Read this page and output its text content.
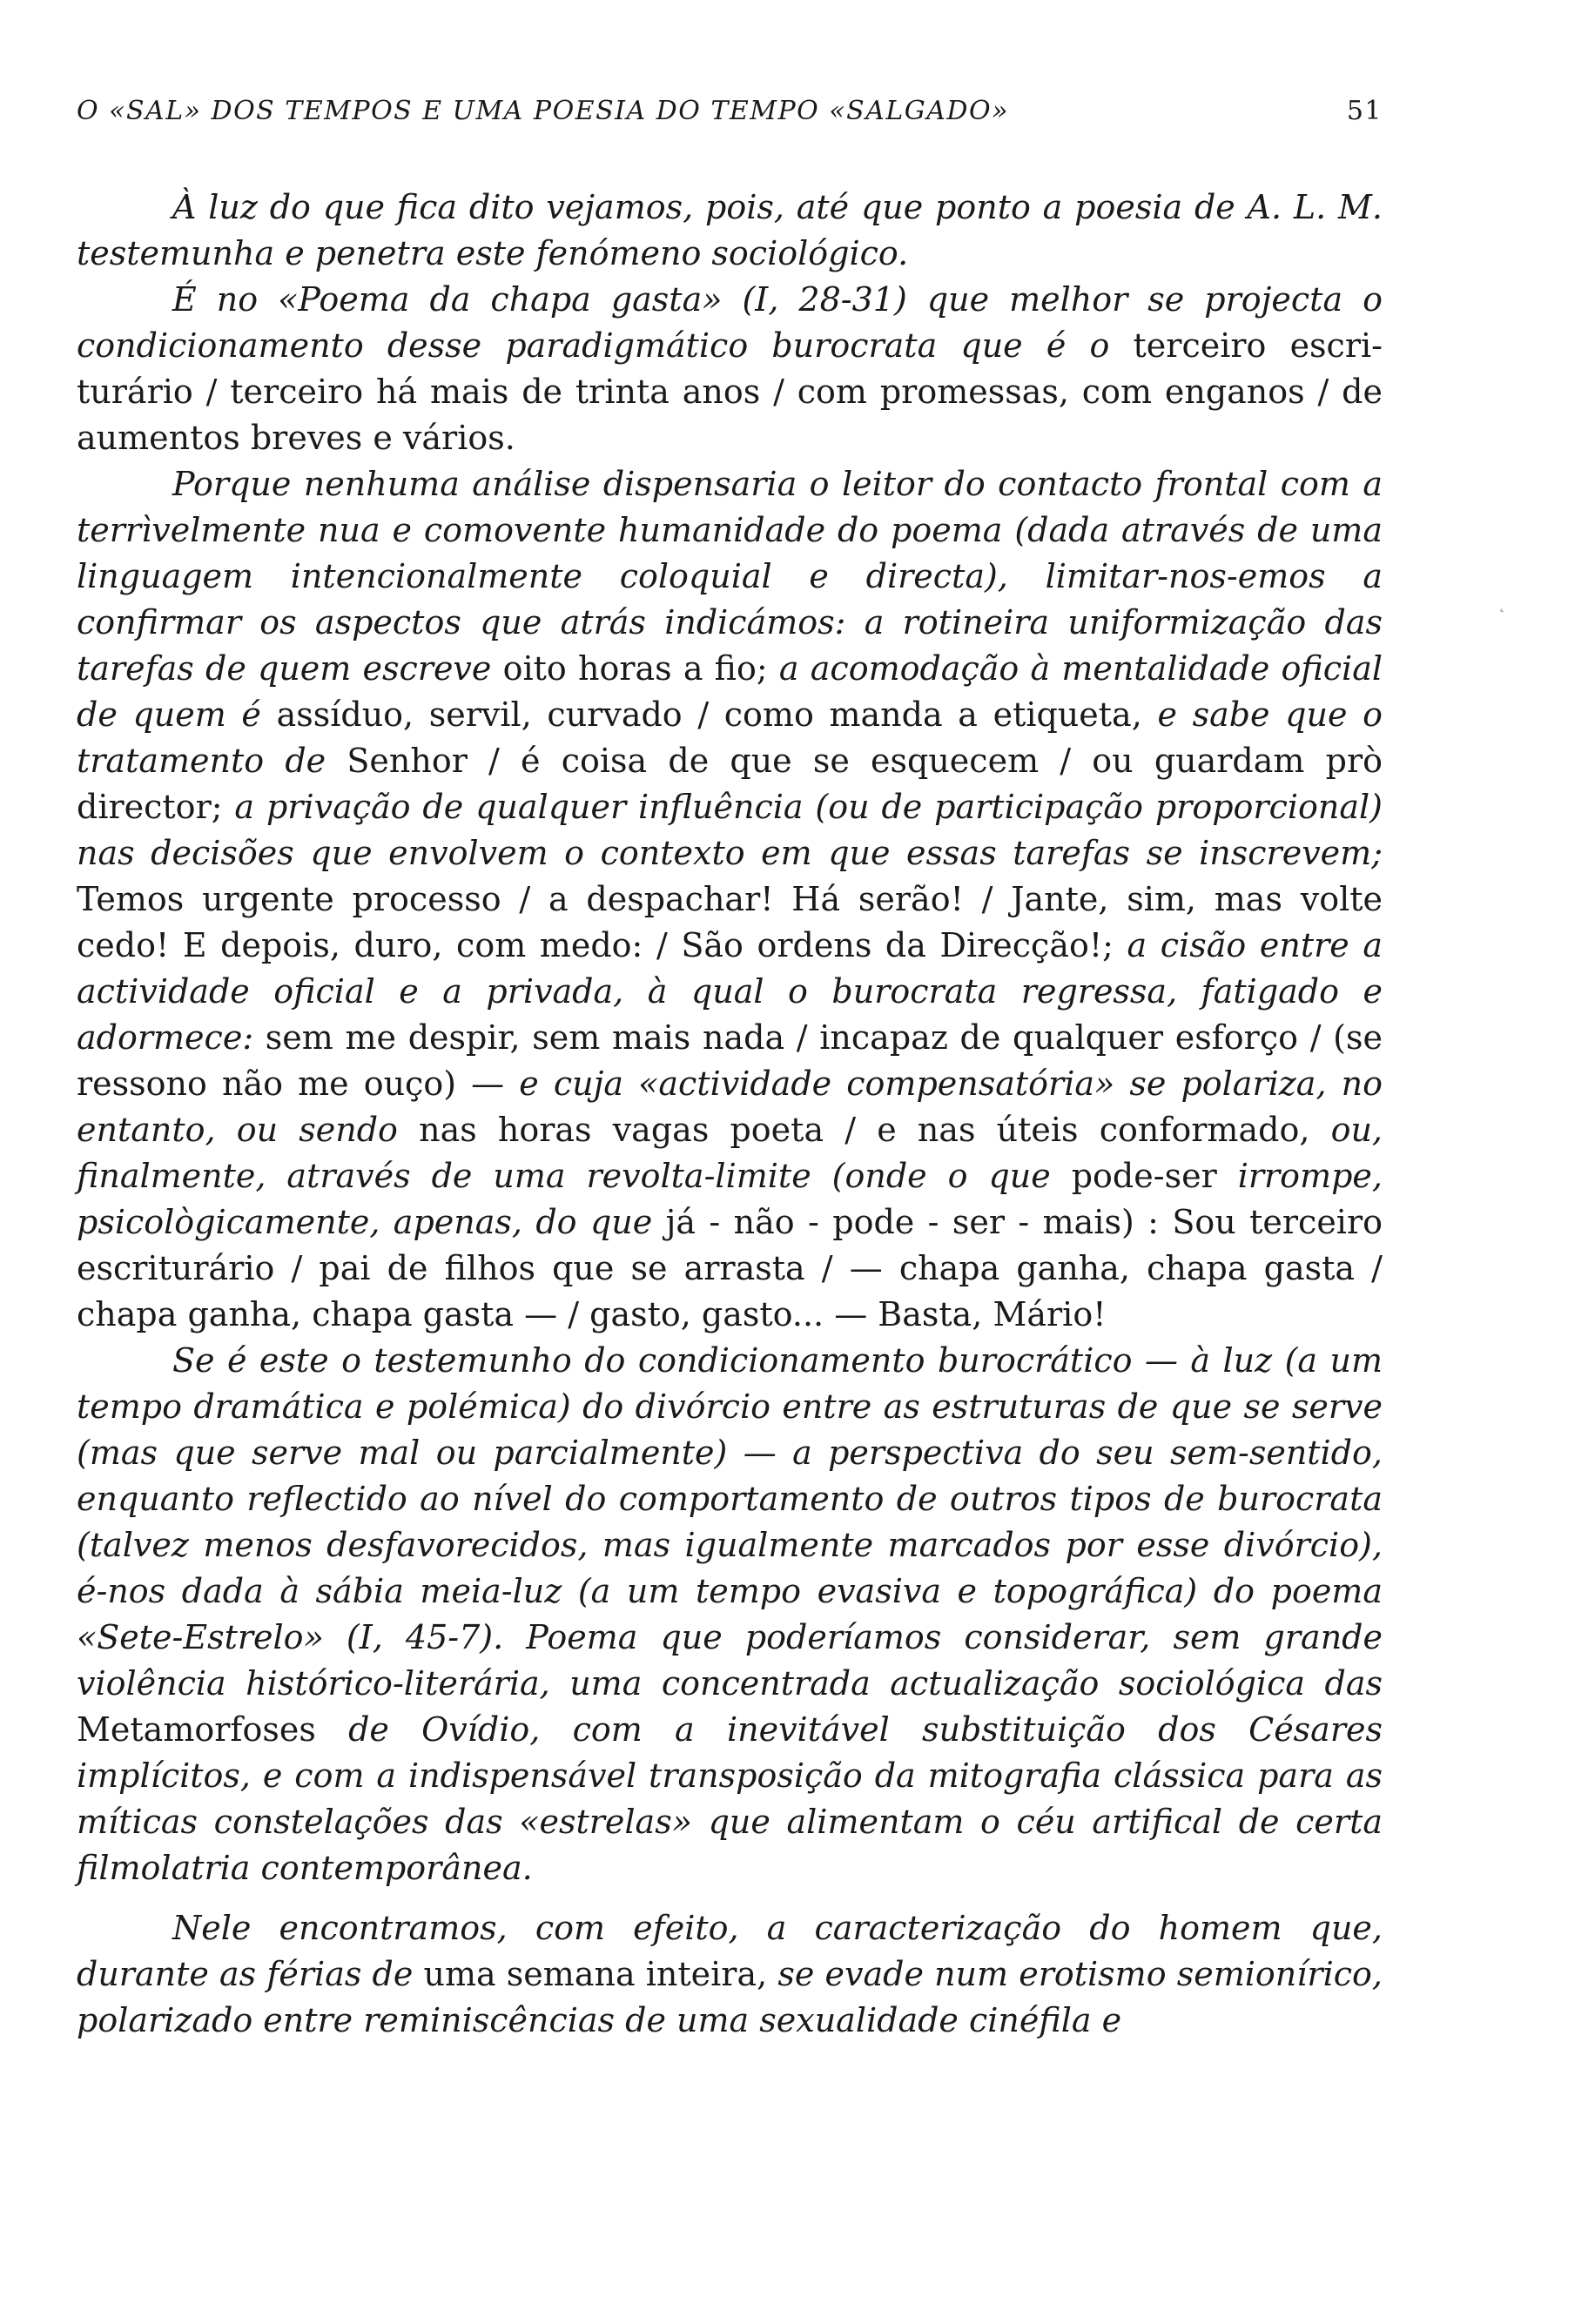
O «SAL» DOS TEMPOS E UMA POESIA DO TEMPO «SALGADO»	51

À luz do que fica dito vejamos, pois, até que ponto a poesia de A. L. M. testemunha e penetra este fenómeno sociológico.

É no «Poema da chapa gasta» (I, 28-31) que melhor se projecta o condicionamento desse paradigmático burocrata que é o terceiro escriturário / terceiro há mais de trinta anos / com promessas, com enganos / de aumentos breves e vários.

Porque nenhuma análise dispensaria o leitor do contacto frontal com a terrìvelmente nua e comovente humanidade do poema (dada através de uma linguagem intencionalmente coloquial e directa), limitar-nos-emos a confirmar os aspectos que atrás indicámos: a rotineira uniformização das tarefas de quem escreve oito horas a fio; a acomodação à mentalidade oficial de quem é assíduo, servil, curvado / como manda a etiqueta, e sabe que o tratamento de Senhor / é coisa de que se esquecem / ou guardam prò director; a privação de qualquer influência (ou de participação proporcional) nas decisões que envolvem o contexto em que essas tarefas se inscrevem; Temos urgente processo / a despachar! Há serão! / Jante, sim, mas volte cedo! E depois, duro, com medo: / São ordens da Direcção!; a cisão entre a actividade oficial e a privada, à qual o burocrata regressa, fatigado e adormece: sem me despir, sem mais nada / incapaz de qualquer esforço / (se ressono não me ouço) — e cuja «actividade compensatória» se polariza, no entanto, ou sendo nas horas vagas poeta / e nas úteis conformado, ou, finalmente, através de uma revolta-limite (onde o que pode-ser irrompe, psicològicamente, apenas, do que já - não - pode - ser - mais) : Sou terceiro escriturário / pai de filhos que se arrasta / — chapa ganha, chapa gasta / chapa ganha, chapa gasta — / gasto, gasto... — Basta, Mário!

Se é este o testemunho do condicionamento burocrático — à luz (a um tempo dramática e polémica) do divórcio entre as estruturas de que se serve (mas que serve mal ou parcialmente) — a perspectiva do seu sem-sentido, enquanto reflectido ao nível do comportamento de outros tipos de burocrata (talvez menos desfavorecidos, mas igualmente marcados por esse divórcio), é-nos dada à sábia meia-luz (a um tempo evasiva e topográfica) do poema «Sete-Estrelo» (I, 45-7). Poema que poderíamos considerar, sem grande violência histórico-literária, uma concentrada actualização sociológica das Metamorfoses de Ovídio, com a inevitável substituição dos Césares implícitos, e com a indispensável transposição da mitografia clássica para as míticas constelações das «estrelas» que alimentam o céu artifical de certa filmolatria contemporânea.

Nele encontramos, com efeito, a caracterização do homem que, durante as férias de uma semana inteira, se evade num erotismo semionírico, polarizado entre reminiscências de uma sexualidade cinéfila e

˛
